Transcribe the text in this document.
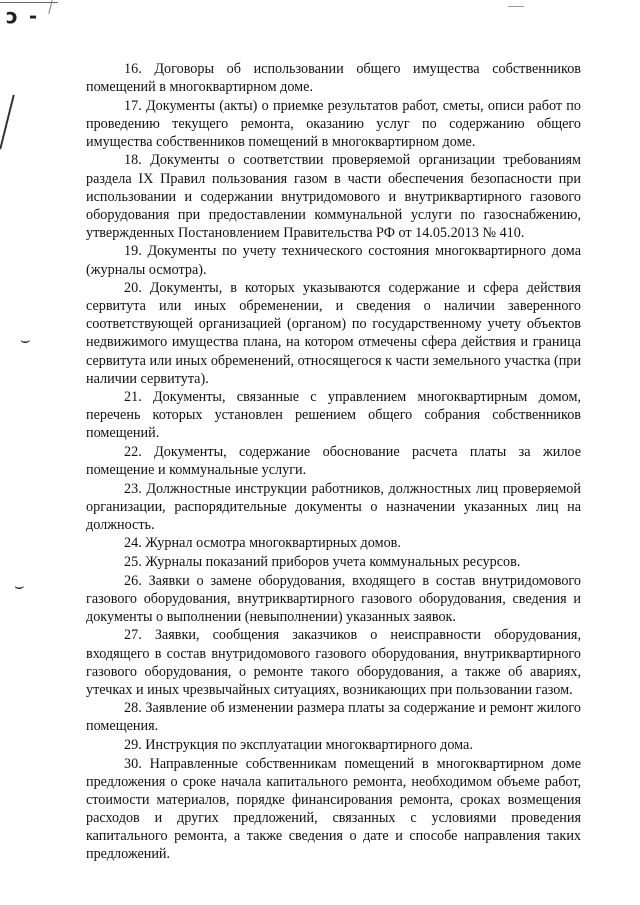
ͻ -
⌣
⌣

16. Договоры об использовании общего имущества собственников помещений в многоквартирном доме.

17. Документы (акты) о приемке результатов работ, сметы, описи работ по проведению текущего ремонта, оказанию услуг по содержанию общего имущества собственников помещений в многоквартирном доме.

18. Документы о соответствии проверяемой организации требованиям раздела IX Правил пользования газом в части обеспечения безопасности при использовании и содержании внутридомового и внутриквартирного газового оборудования при предоставлении коммунальной услуги по газоснабжению, утвержденных Постановлением Правительства РФ от 14.05.2013 № 410.

19. Документы по учету технического состояния многоквартирного дома (журналы осмотра).

20. Документы, в которых указываются содержание и сфера действия сервитута или иных обременении, и сведения о наличии заверенного соответствующей организацией (органом) по государственному учету объектов недвижимого имущества плана, на котором отмечены сфера действия и граница сервитута или иных обременений, относящегося к части земельного участка (при наличии сервитута).

21. Документы, связанные с управлением многоквартирным домом, перечень которых установлен решением общего собрания собственников помещений.

22. Документы, содержание обоснование расчета платы за жилое помещение и коммунальные услуги.

23. Должностные инструкции работников, должностных лиц проверяемой организации, распорядительные документы о назначении указанных лиц на должность.

24. Журнал осмотра многоквартирных домов.

25. Журналы показаний приборов учета коммунальных ресурсов.

26. Заявки о замене оборудования, входящего в состав внутридомового газового оборудования, внутриквартирного газового оборудования, сведения и документы о выполнении (невыполнении) указанных заявок.

27. Заявки, сообщения заказчиков о неисправности оборудования, входящего в состав внутридомового газового оборудования, внутриквартирного газового оборудования, о ремонте такого оборудования, а также об авариях, утечках и иных чрезвычайных ситуациях, возникающих при пользовании газом.

28. Заявление об изменении размера платы за содержание и ремонт жилого помещения.

29. Инструкция по эксплуатации многоквартирного дома.

30. Направленные собственникам помещений в многоквартирном доме предложения о сроке начала капитального ремонта, необходимом объеме работ, стоимости материалов, порядке финансирования ремонта, сроках возмещения расходов и других предложений, связанных с условиями проведения капитального ремонта, а также сведения о дате и способе направления таких предложений.
